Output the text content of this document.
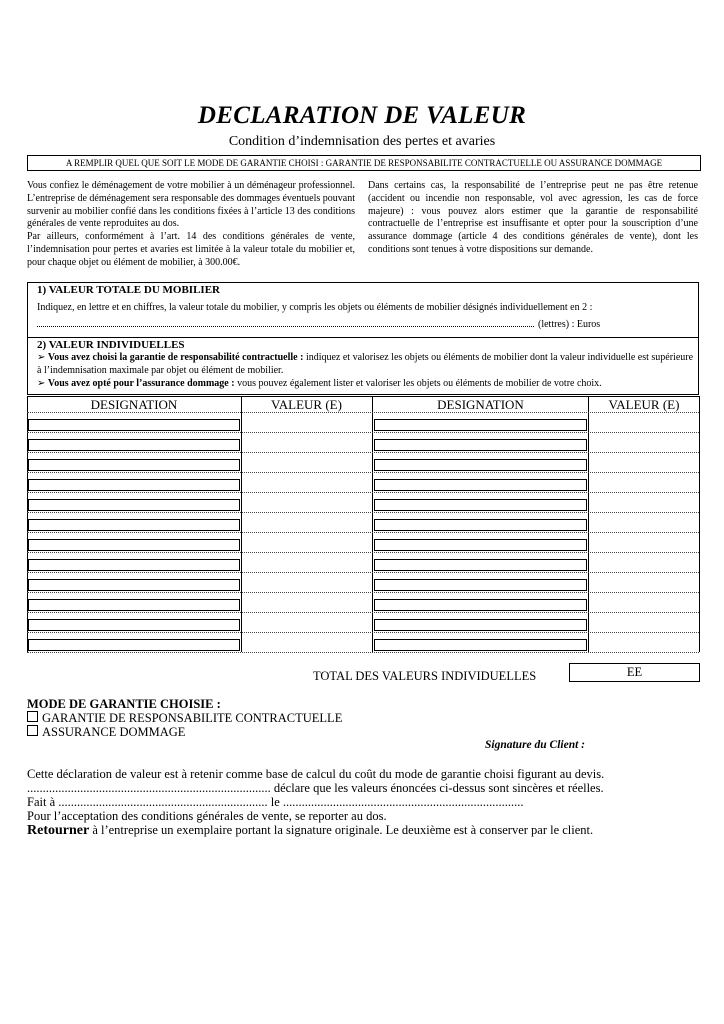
DECLARATION DE VALEUR
Condition d’indemnisation des pertes et avaries
A REMPLIR QUEL QUE SOIT LE MODE DE GARANTIE CHOISI : GARANTIE DE RESPONSABILITE CONTRACTUELLE OU ASSURANCE DOMMAGE
Vous confiez le déménagement de votre mobilier à un déménageur professionnel. L’entreprise de déménagement sera responsable des dommages éventuels pouvant survenir au mobilier confié dans les conditions fixées à l’article 13 des conditions générales de vente reproduites au dos.
Par ailleurs, conformément à l’art. 14 des conditions générales de vente, l’indemnisation pour pertes et avaries est limitée à la valeur totale du mobilier et, pour chaque objet ou élément de mobilier, à 300.00€.
Dans certains cas, la responsabilité de l’entreprise peut ne pas être retenue (accident ou incendie non responsable, vol avec agression, les cas de force majeure) : vous pouvez alors estimer que la garantie de responsabilité contractuelle de l’entreprise est insuffisante et opter pour la souscription d’une assurance dommage (article 4 des conditions générales de vente), dont les conditions sont tenues à votre dispositions sur demande.
1) VALEUR TOTALE DU MOBILIER
Indiquez, en lettre et en chiffres, la valeur totale du mobilier, y compris les objets ou éléments de mobilier désignés individuellement en 2 :
(lettres) : Euros
2) VALEUR INDIVIDUELLES
➢ Vous avez choisi la garantie de responsabilité contractuelle : indiquez et valorisez les objets ou éléments de mobilier dont la valeur individuelle est supérieure à l’indemnisation maximale par objet ou élément de mobilier.
➢ Vous avez opté pour l’assurance dommage : vous pouvez également lister et valoriser les objets ou éléments de mobilier de votre choix.
DESIGNATION	VALEUR (E)	DESIGNATION	VALEUR (E)
TOTAL DES VALEURS INDIVIDUELLES	EE
MODE DE GARANTIE CHOISIE :
GARANTIE DE RESPONSABILITE CONTRACTUELLE
ASSURANCE DOMMAGE
Signature du Client :
Cette déclaration de valeur est à retenir comme base de calcul du coût du mode de garantie choisi figurant au devis.
.............................................................................. déclare que les valeurs énoncées ci-dessus sont sincères et réelles.
Fait à ................................................................... le .............................................................................
Pour l’acceptation des conditions générales de vente, se reporter au dos.
Retourner à l’entreprise un exemplaire portant la signature originale. Le deuxième est à conserver par le client.
